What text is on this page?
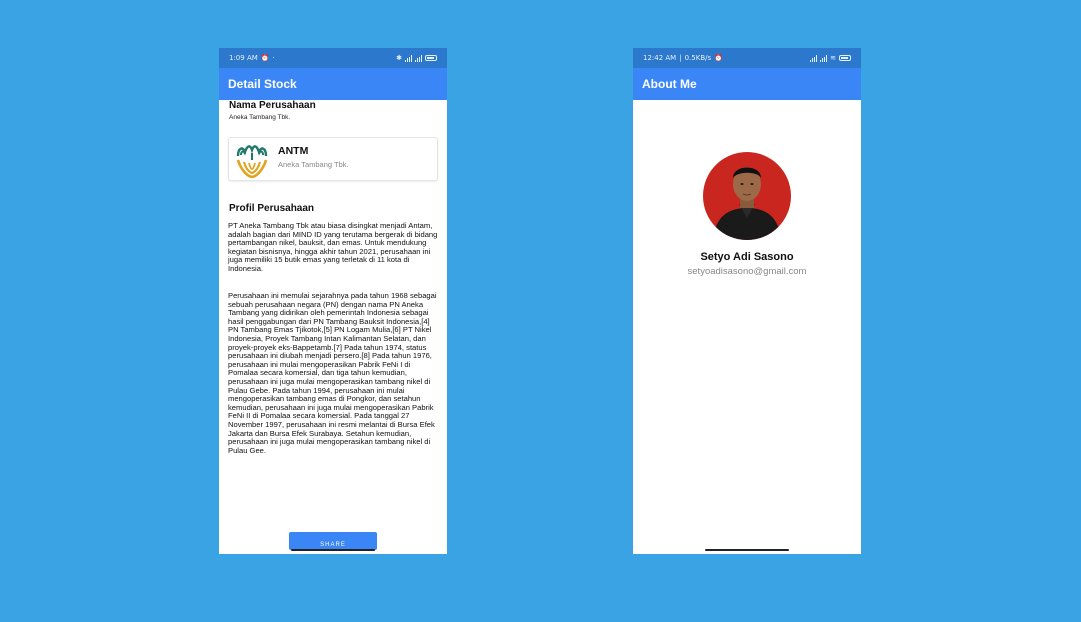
1:09 AM ⏰ ·	✱
Detail Stock
Nama Perusahaan
Aneka Tambang Tbk.
ANTM
Aneka Tambang Tbk.
Profil Perusahaan

PT Aneka Tambang Tbk atau biasa disingkat menjadi Antam, adalah bagian dari MIND ID yang terutama bergerak di bidang pertambangan nikel, bauksit, dan emas. Untuk mendukung kegiatan bisnisnya, hingga akhir tahun 2021, perusahaan ini juga memiliki 15 butik emas yang terletak di 11 kota di Indonesia.

Perusahaan ini memulai sejarahnya pada tahun 1968 sebagai sebuah perusahaan negara (PN) dengan nama PN Aneka Tambang yang didirikan oleh pemerintah Indonesia sebagai hasil penggabungan dari PN Tambang Bauksit Indonesia,[4] PN Tambang Emas Tjikotok,[5] PN Logam Mulia,[6] PT Nikel Indonesia, Proyek Tambang Intan Kalimantan Selatan, dan proyek-proyek eks-Bappetamb.[7] Pada tahun 1974, status perusahaan ini diubah menjadi persero.[8] Pada tahun 1976, perusahaan ini mulai mengoperasikan Pabrik FeNi I di Pomalaa secara komersial, dan tiga tahun kemudian, perusahaan ini juga mulai mengoperasikan tambang nikel di Pulau Gebe. Pada tahun 1994, perusahaan ini mulai mengoperasikan tambang emas di Pongkor, dan setahun kemudian, perusahaan ini juga mulai mengoperasikan Pabrik FeNi II di Pomalaa secara komersial. Pada tanggal 27 November 1997, perusahaan ini resmi melantai di Bursa Efek Jakarta dan Bursa Efek Surabaya. Setahun kemudian, perusahaan ini juga mulai mengoperasikan tambang nikel di Pulau Gee.

SHARE
12:42 AM | 0.5KB/s ⏰	≋
About Me
Setyo Adi Sasono
setyoadisasono@gmail.com
